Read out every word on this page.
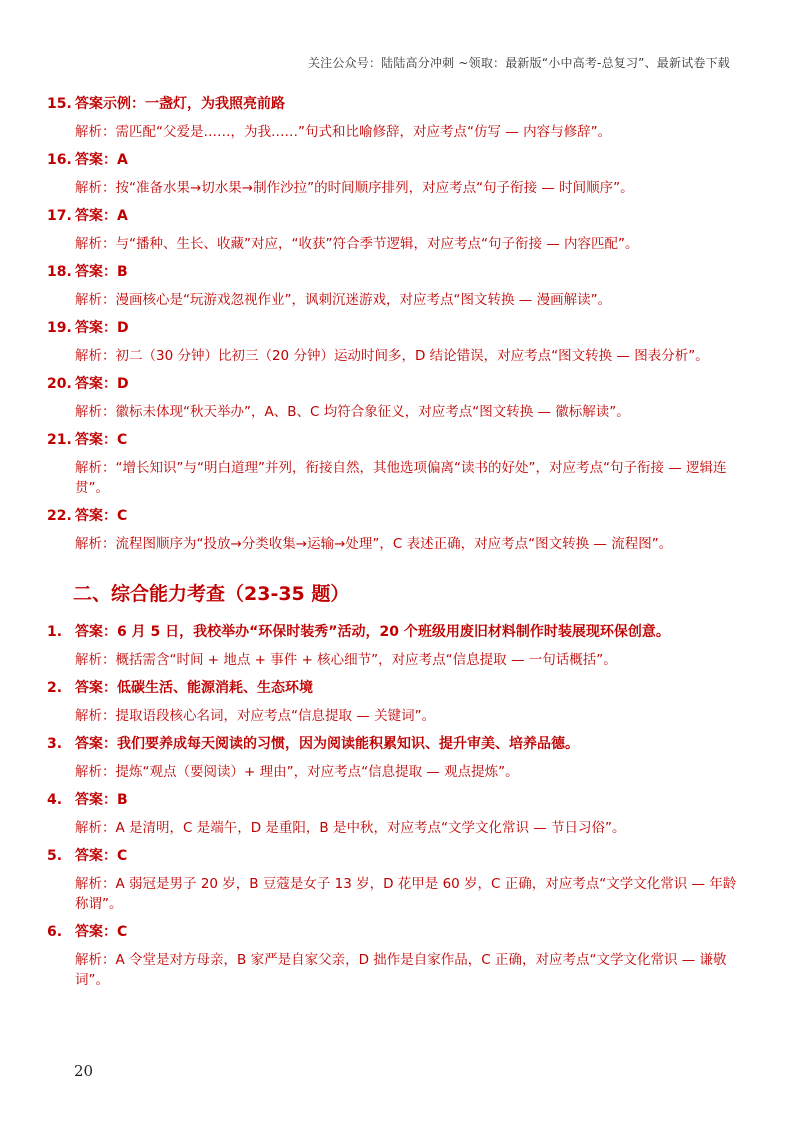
关注公众号：陆陆高分冲刺 ~领取：最新版“小中高考-总复习”、最新试卷下载
15. 答案示例：一盏灯，为我照亮前路
解析：需匹配“父爱是……，为我……”句式和比喻修辞，对应考点“仿写 — 内容与修辞”。
16. 答案：A
解析：按“准备水果→切水果→制作沙拉”的时间顺序排列，对应考点“句子衔接 — 时间顺序”。
17. 答案：A
解析：与“播种、生长、收藏”对应，“收获”符合季节逻辑，对应考点“句子衔接 — 内容匹配”。
18. 答案：B
解析：漫画核心是“玩游戏忽视作业”，讽刺沉迷游戏，对应考点“图文转换 — 漫画解读”。
19. 答案：D
解析：初二（30 分钟）比初三（20 分钟）运动时间多，D 结论错误，对应考点“图文转换 — 图表分析”。
20. 答案：D
解析：徽标未体现“秋天举办”，A、B、C 均符合象征义，对应考点“图文转换 — 徽标解读”。
21. 答案：C
解析：“增长知识”与“明白道理”并列，衔接自然，其他选项偏离“读书的好处”，对应考点“句子衔接 — 逻辑连贯”。
22. 答案：C
解析：流程图顺序为“投放→分类收集→运输→处理”，C 表述正确，对应考点“图文转换 — 流程图”。
二、综合能力考查（23-35 题）
1. 答案：6 月 5 日，我校举办“环保时装秀”活动，20 个班级用废旧材料制作时装展现环保创意。
解析：概括需含“时间 + 地点 + 事件 + 核心细节”，对应考点“信息提取 — 一句话概括”。
2. 答案：低碳生活、能源消耗、生态环境
解析：提取语段核心名词，对应考点“信息提取 — 关键词”。
3. 答案：我们要养成每天阅读的习惯，因为阅读能积累知识、提升审美、培养品德。
解析：提炼“观点（要阅读）+ 理由”，对应考点“信息提取 — 观点提炼”。
4. 答案：B
解析：A 是清明，C 是端午，D 是重阳，B 是中秋，对应考点“文学文化常识 — 节日习俗”。
5. 答案：C
解析：A 弱冠是男子 20 岁，B 豆蔻是女子 13 岁，D 花甲是 60 岁，C 正确，对应考点“文学文化常识 — 年龄称谓”。
6. 答案：C
解析：A 令堂是对方母亲，B 家严是自家父亲，D 拙作是自家作品，C 正确，对应考点“文学文化常识 — 谦敬词”。
20
